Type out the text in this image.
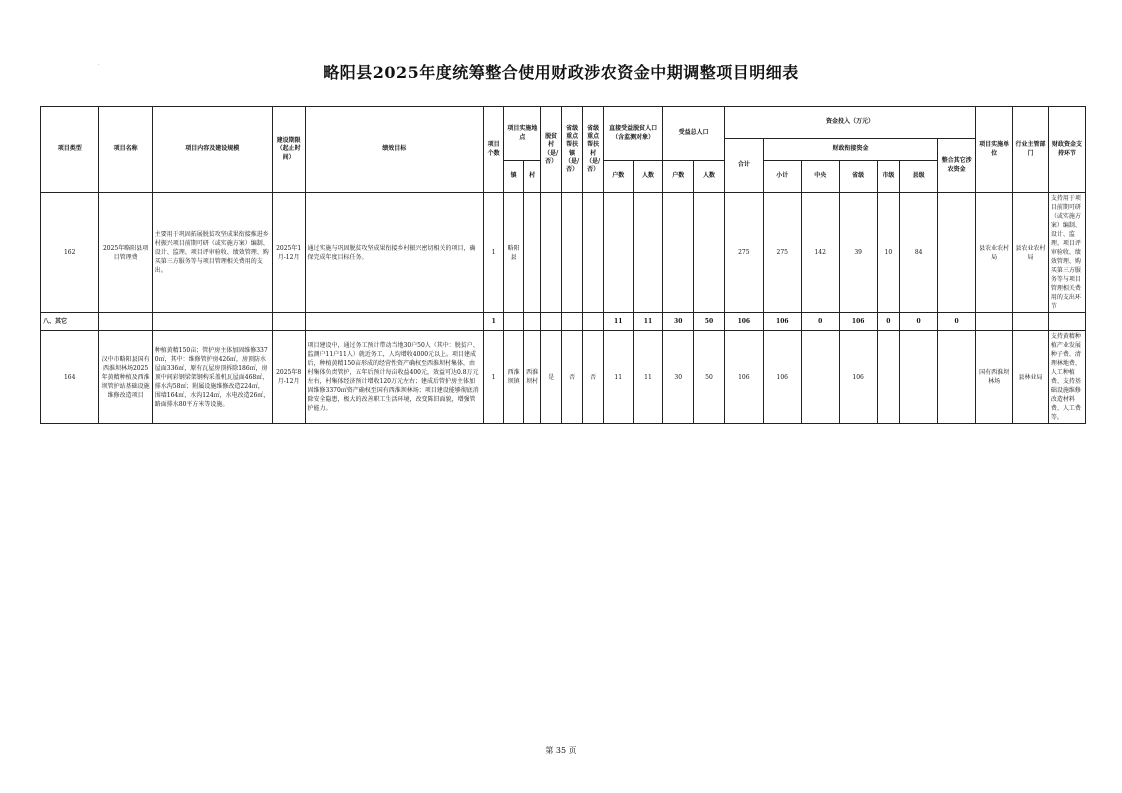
·	略阳县2025年度统筹整合使用财政涉农资金中期调整项目明细表
项目类型	项目名称	项目内容及建设规模	建设期限（起止时间）	绩效目标	项目个数	项目实施地点		脱贫村（是/否）	省级重点帮扶镇（是/否）	省级重点帮扶村（是/否）	直接受益脱贫人口（含监测对象）		受益总人口		资金投入（万元）							项目实施单位	行业主管部门	财政资金支持环节
															合计	财政衔接资金					整合其它涉农资金			
						镇	村				户数	人数	户数	人数		小计	中央	省级	市级	县级				
162	2025年略阳县项目管理费	主要用于巩固拓展脱贫攻坚成果衔接推进乡村振兴项目前期可研（或实施方案）编制、设计、监理、项目评审验收、绩效管理、购买第三方服务等与项目管理相关费用的支出。	2025年1月-12月	通过实施与巩固脱贫攻坚成果衔接乡村振兴密切相关的项目，确保完成年度目标任务。	1	略阳县									275	275	142	39	10	84		县农业农村局	县农业农村局	支持用于项目前期可研（或实施方案）编制、设计、监理、项目评审验收、绩效管理、购买第三方服务等与项目管理相关费用的支出环节
八、其它					1						11	11	30	50	106	106	0	106	0	0	0			
164	汉中市略阳县国有西淮坝林场2025年黄精种植及西淮坝管护站基础设施维修改造项目	种植黄精150亩；管护房主体加固维修3370㎡，其中：维修管护房426㎡，房顶防水屋面336㎡，原有瓦屋房顶拆除186㎡，房顶中间彩钢梁架钢构采盖机瓦屋面468㎡，排水沟58㎡；附属设施维修改造224㎡，围墙164㎡，水沟124㎡，水电改造26㎡，路面排水80平方米等设施。	2025年8月-12月	项目建设中，通过务工预计带动当地30户50人（其中：脱贫户、监测户11户11人）就近务工，人均增收4000元以上。项目建成后，种植黄精150亩形成的经营性资产确权至西淮坝村集体，由村集体负责管护，五年后预计每亩收益400元，效益可达0.8万元左右，村集体经济预计增收120万元左右；建成后管护房主体加固维修3370㎡资产确权至国有西淮坝林场；项目建设能够彻底消除安全隐患，极大的改善职工生活环境，改变陈旧面貌，增强管护能力。	1	西淮坝镇	西淮坝村	是	否	否	11	11	30	50	106	106		106				国有西淮坝林场	县林业局	支持黄精种植产业发展种子费、清理林地费、人工种植费、支持基础设施维修改造材料费、人工费等。
第 35 页
